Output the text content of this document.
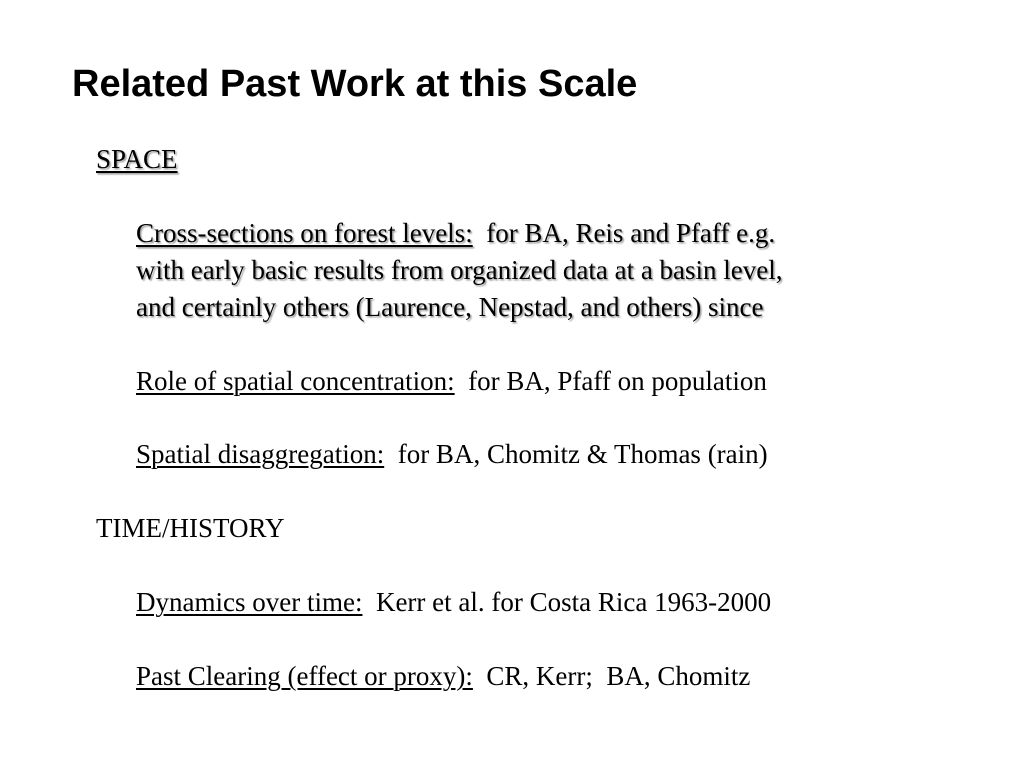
Related Past Work at this Scale
SPACE
Cross-sections on forest levels: for BA, Reis and Pfaff e.g.
with early basic results from organized data at a basin level,
and certainly others (Laurence, Nepstad, and others) since
Role of spatial concentration: for BA, Pfaff on population
Spatial disaggregation: for BA, Chomitz & Thomas (rain)
TIME/HISTORY
Dynamics over time: Kerr et al. for Costa Rica 1963-2000
Past Clearing (effect or proxy): CR, Kerr;  BA, Chomitz
